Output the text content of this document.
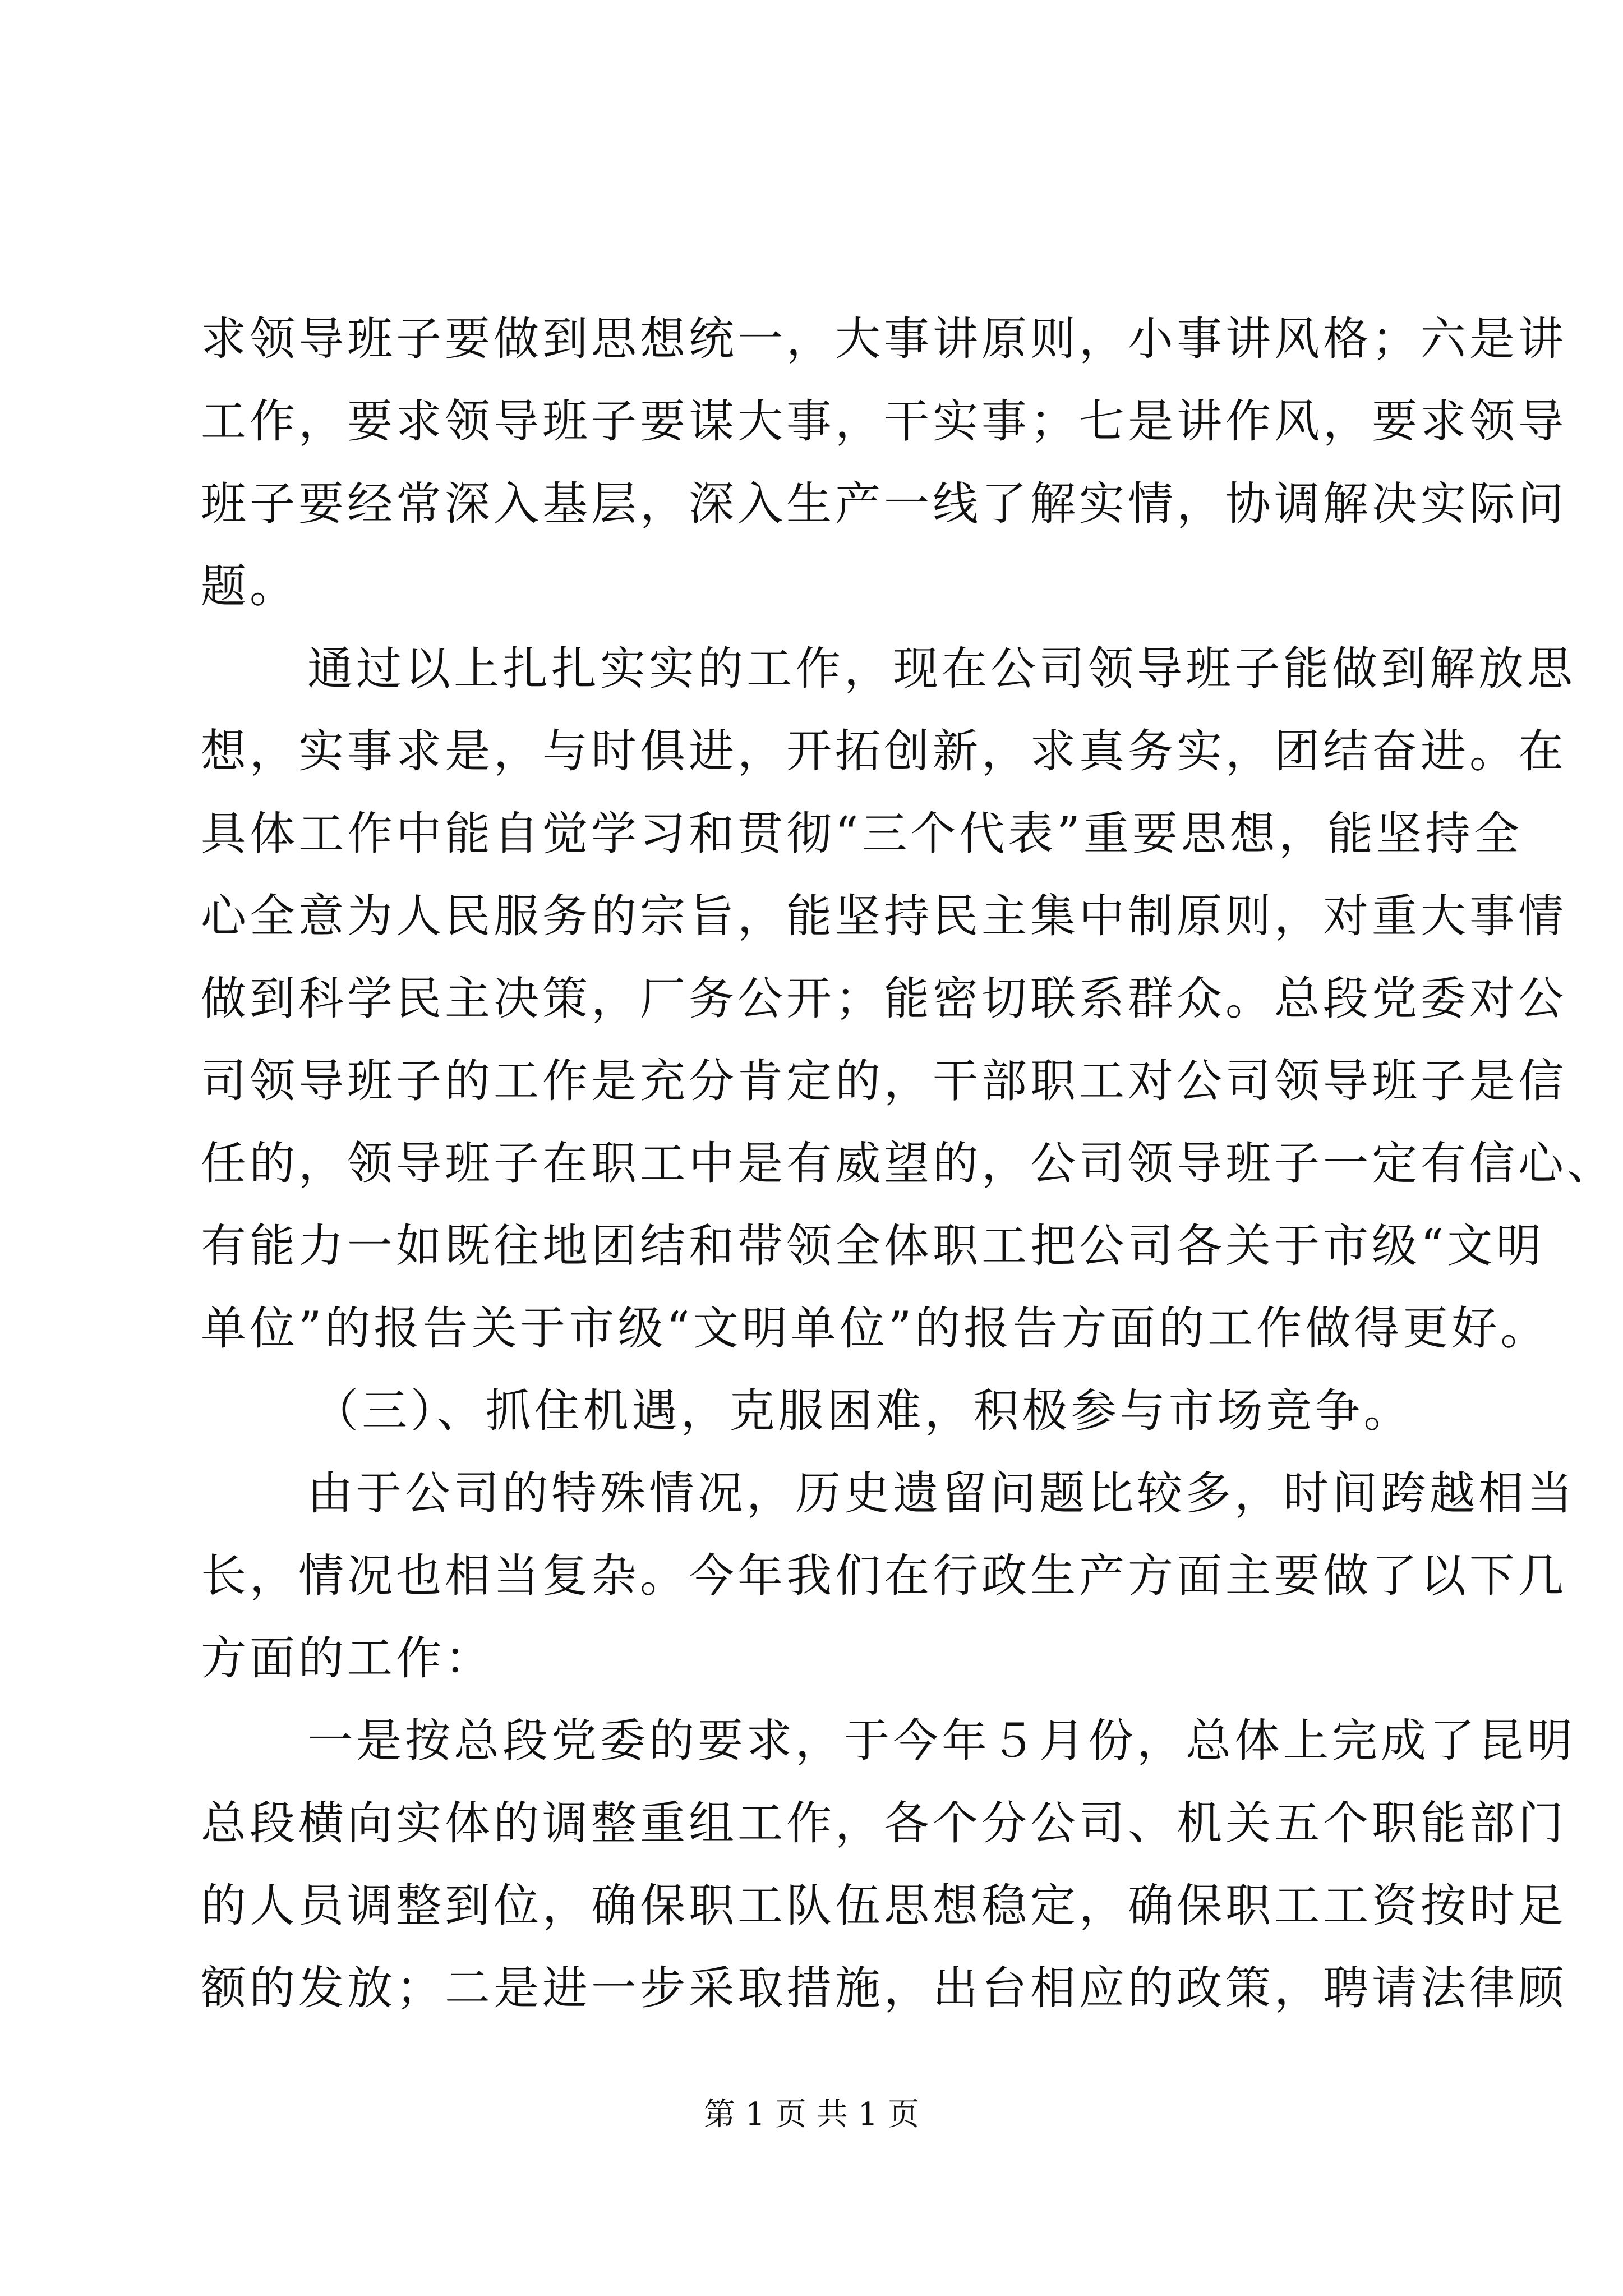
求领导班子要做到思想统一，大事讲原则，小事讲风格；六是讲
工作，要求领导班子要谋大事，干实事；七是讲作风，要求领导
班子要经常深入基层，深入生产一线了解实情，协调解决实际问
题。
通过以上扎扎实实的工作，现在公司领导班子能做到解放思
想，实事求是，与时俱进，开拓创新，求真务实，团结奋进。在
具体工作中能自觉学习和贯彻“三个代表”重要思想，能坚持全
心全意为人民服务的宗旨，能坚持民主集中制原则，对重大事情
做到科学民主决策，厂务公开；能密切联系群众。总段党委对公
司领导班子的工作是充分肯定的，干部职工对公司领导班子是信
任的，领导班子在职工中是有威望的，公司领导班子一定有信心、
有能力一如既往地团结和带领全体职工把公司各关于市级“文明
单位”的报告关于市级“文明单位”的报告方面的工作做得更好。
（三）、抓住机遇，克服困难，积极参与市场竞争。
由于公司的特殊情况，历史遗留问题比较多，时间跨越相当
长，情况也相当复杂。今年我们在行政生产方面主要做了以下几
方面的工作：
一是按总段党委的要求，于今年５月份，总体上完成了昆明
总段横向实体的调整重组工作，各个分公司、机关五个职能部门
的人员调整到位，确保职工队伍思想稳定，确保职工工资按时足
额的发放；二是进一步采取措施，出台相应的政策，聘请法律顾
第 1 页 共 1 页
